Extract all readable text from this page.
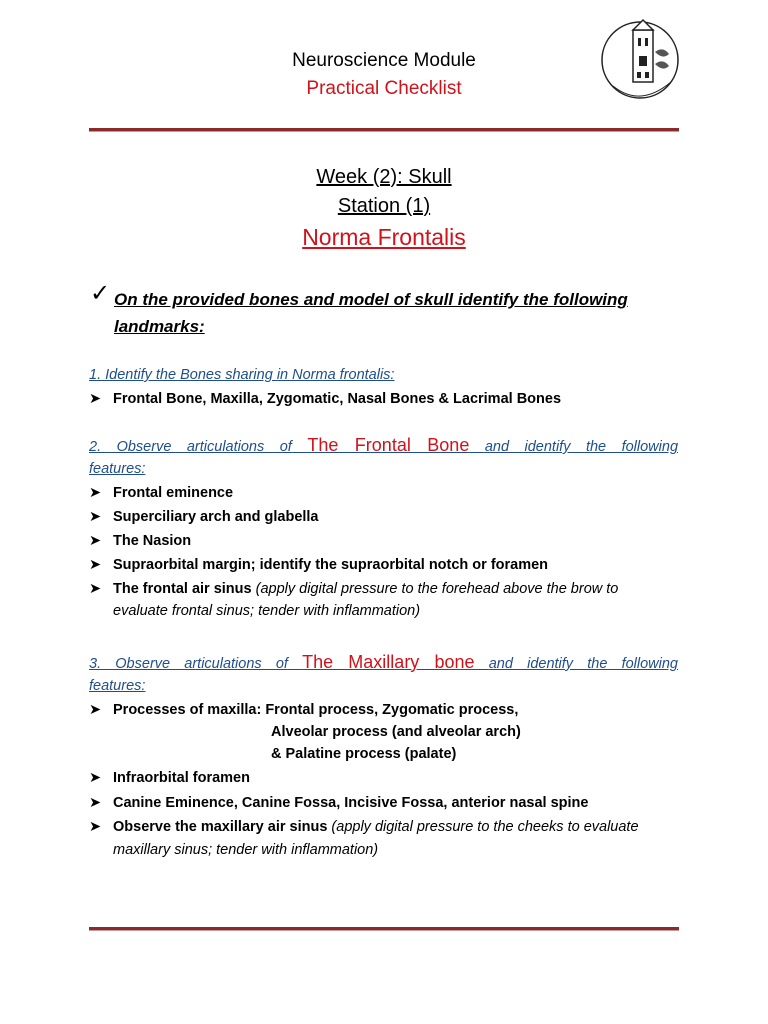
Neuroscience Module
Practical Checklist
Week (2): Skull
Station (1)
Norma Frontalis
✓ On the provided bones and model of skull identify the following landmarks:
1. Identify the Bones sharing in Norma frontalis:
➤ Frontal Bone, Maxilla, Zygomatic, Nasal Bones & Lacrimal Bones
2. Observe articulations of The Frontal Bone and identify the following
features:
➤ Frontal eminence
➤ Superciliary arch and glabella
➤ The Nasion
➤ Supraorbital margin; identify the supraorbital notch or foramen
➤ The frontal air sinus (apply digital pressure to the forehead above the brow to
evaluate frontal sinus; tender with inflammation)
3. Observe articulations of The Maxillary bone and identify the following
features:
➤ Processes of maxilla: Frontal process, Zygomatic process,
Alveolar process (and alveolar arch)
& Palatine process (palate)
➤ Infraorbital foramen
➤ Canine Eminence, Canine Fossa, Incisive Fossa, anterior nasal spine
➤ Observe the maxillary air sinus (apply digital pressure to the cheeks to evaluate
maxillary sinus; tender with inflammation)
